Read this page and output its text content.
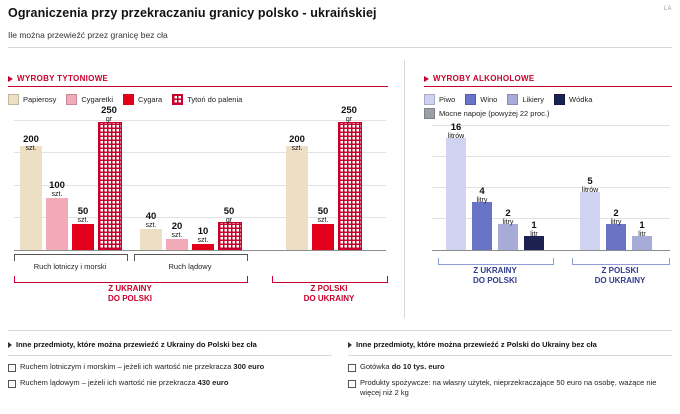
Ograniczenia przy przekraczaniu granicy polsko - ukraińskiej	LA
Ile można przewieźć przez granicę bez cła
WYROBY TYTONIOWE
Papierosy	Cygaretki	Cygara	Tytoń do palenia
200
szt.
100
szt.
50
szt.
250
gr
40
szt.	20
szt.	10
szt.
50
gr
200
szt.
50
szt.
250
gr
Ruch lotniczy i morski	Ruch lądowy
Z UKRAINY
DO POLSKI
Z POLSKI
DO UKRAINY
WYROBY ALKOHOLOWE
Piwo	Wino	Likiery	Wódka
Mocne napoje (powyżej 22 proc.)
16
litrów
4
litry
2
litry	1
litr
5
litrów
2
litry	1
litr
Z UKRAINY
DO POLSKI
Z POLSKI
DO UKRAINY
Inne przedmioty, które można przewieźć z Ukrainy do Polski bez cła
Ruchem lotniczym i morskim – jeżeli ich wartość nie przekracza 300 euro
Ruchem lądowym – jeżeli ich wartość nie przekracza 430 euro
Inne przedmioty, które można przewieźć z Polski do Ukrainy bez cła
Gotówka do 10 tys. euro
Produkty spożywcze: na własny użytek, nieprzekraczające 50 euro na osobę, ważące nie więcej niż 2 kg
